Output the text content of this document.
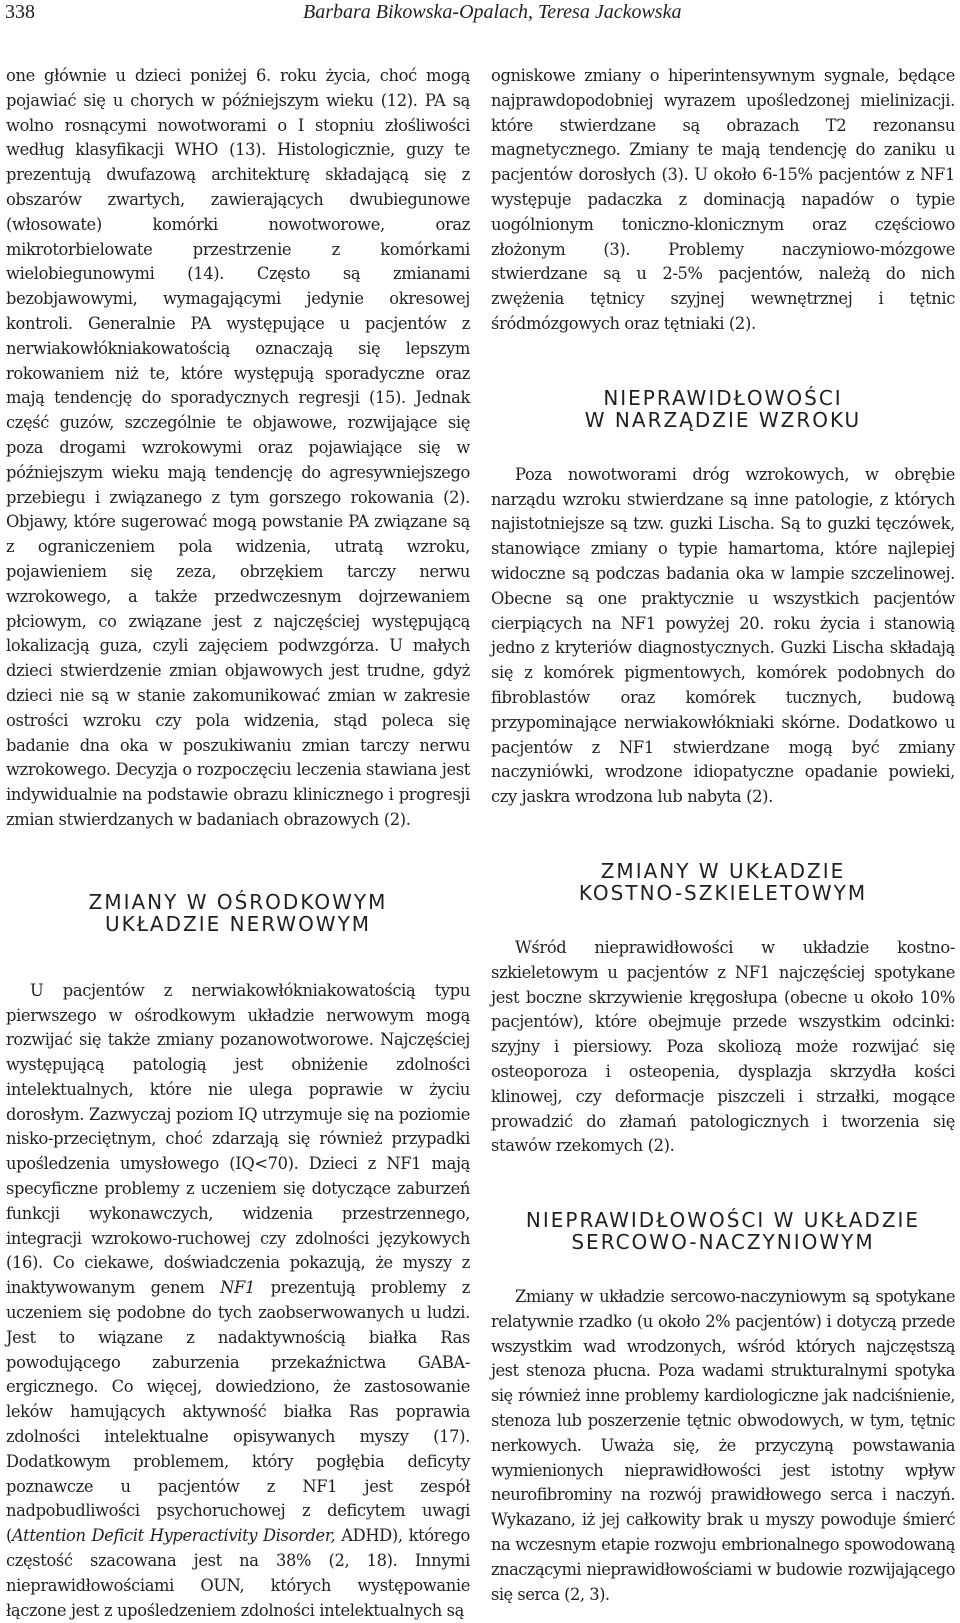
338	Barbara Bikowska-Opalach, Teresa Jackowska

one głównie u dzieci poniżej 6. roku życia, choć mogą pojawiać się u chorych w późniejszym wieku (12). PA są wolno rosnącymi nowotworami o I stopniu złośliwości według klasyfikacji WHO (13). Histologicznie, guzy te prezentują dwufazową architekturę składającą się z obszarów zwartych, zawierających dwubiegunowe (włosowate) komórki nowotworowe, oraz mikrotorbielowate przestrzenie z komórkami wielobiegunowymi (14). Często są zmianami bezobjawowymi, wymagającymi jedynie okresowej kontroli. Generalnie PA występujące u pacjentów z nerwiakowłókniakowatością oznaczają się lepszym rokowaniem niż te, które występują sporadyczne oraz mają tendencję do sporadycznych regresji (15). Jednak część guzów, szczególnie te objawowe, rozwijające się poza drogami wzrokowymi oraz pojawiające się w późniejszym wieku mają tendencję do agresywniejszego przebiegu i związanego z tym gorszego rokowania (2). Objawy, które sugerować mogą powstanie PA związane są z ograniczeniem pola widzenia, utratą wzroku, pojawieniem się zeza, obrzękiem tarczy nerwu wzrokowego, a także przedwczesnym dojrzewaniem płciowym, co związane jest z najczęściej występującą lokalizacją guza, czyli zajęciem podwzgórza. U małych dzieci stwierdzenie zmian objawowych jest trudne, gdyż dzieci nie są w stanie zakomunikować zmian w zakresie ostrości wzroku czy pola widzenia, stąd poleca się badanie dna oka w poszukiwaniu zmian tarczy nerwu wzrokowego. Decyzja o rozpoczęciu leczenia stawiana jest indywidualnie na podstawie obrazu klinicznego i progresji zmian stwierdzanych w badaniach obrazowych (2).

ZMIANY W OŚRODKOWYM
UKŁADZIE NERWOWYM

U pacjentów z nerwiakowłókniakowatością typu pierwszego w ośrodkowym układzie nerwowym mogą rozwijać się także zmiany pozanowotworowe. Najczęściej występującą patologią jest obniżenie zdolności intelektualnych, które nie ulega poprawie w życiu dorosłym. Zazwyczaj poziom IQ utrzymuje się na poziomie nisko-przeciętnym, choć zdarzają się również przypadki upośledzenia umysłowego (IQ<70). Dzieci z NF1 mają specyficzne problemy z uczeniem się dotyczące zaburzeń funkcji wykonawczych, widzenia przestrzennego, integracji wzrokowo-ruchowej czy zdolności językowych (16). Co ciekawe, doświadczenia pokazują, że myszy z inaktywowanym genem NF1 prezentują problemy z uczeniem się podobne do tych zaobserwowanych u ludzi. Jest to wiązane z nadaktywnością białka Ras powodującego zaburzenia przekaźnictwa GABA-ergicznego. Co więcej, dowiedziono, że zastosowanie leków hamujących aktywność białka Ras poprawia zdolności intelektualne opisywanych myszy (17). Dodatkowym problemem, który pogłębia deficyty poznawcze u pacjentów z NF1 jest zespół nadpobudliwości psychoruchowej z deficytem uwagi (Attention Deficit Hyperactivity Disorder, ADHD), którego częstość szacowana jest na 38% (2, 18). Innymi nieprawidłowościami OUN, których występowanie łączone jest z upośledzeniem zdolności intelektualnych są

ogniskowe zmiany o hiperintensywnym sygnale, będące najprawdopodobniej wyrazem upośledzonej mielinizacji. które stwierdzane są obrazach T2 rezonansu magnetycznego. Zmiany te mają tendencję do zaniku u pacjentów dorosłych (3). U około 6-15% pacjentów z NF1 występuje padaczka z dominacją napadów o typie uogólnionym toniczno-klonicznym oraz częściowo złożonym (3). Problemy naczyniowo-mózgowe stwierdzane są u 2-5% pacjentów, należą do nich zwężenia tętnicy szyjnej wewnętrznej i tętnic śródmózgowych oraz tętniaki (2).

NIEPRAWIDŁOWOŚCI
W NARZĄDZIE WZROKU

Poza nowotworami dróg wzrokowych, w obrębie narządu wzroku stwierdzane są inne patologie, z których najistotniejsze są tzw. guzki Lischa. Są to guzki tęczówek, stanowiące zmiany o typie hamartoma, które najlepiej widoczne są podczas badania oka w lampie szczelinowej. Obecne są one praktycznie u wszystkich pacjentów cierpiących na NF1 powyżej 20. roku życia i stanowią jedno z kryteriów diagnostycznych. Guzki Lischa składają się z komórek pigmentowych, komórek podobnych do fibroblastów oraz komórek tucznych, budową przypominające nerwiakowłókniaki skórne. Dodatkowo u pacjentów z NF1 stwierdzane mogą być zmiany naczyniówki, wrodzone idiopatyczne opadanie powieki, czy jaskra wrodzona lub nabyta (2).

ZMIANY W UKŁADZIE
KOSTNO-SZKIELETOWYM

Wśród nieprawidłowości w układzie kostno-szkieletowym u pacjentów z NF1 najczęściej spotykane jest boczne skrzywienie kręgosłupa (obecne u około 10% pacjentów), które obejmuje przede wszystkim odcinki: szyjny i piersiowy. Poza skoliozą może rozwijać się osteoporoza i osteopenia, dysplazja skrzydła kości klinowej, czy deformacje piszczeli i strzałki, mogące prowadzić do złamań patologicznych i tworzenia się stawów rzekomych (2).

NIEPRAWIDŁOWOŚCI W UKŁADZIE
SERCOWO-NACZYNIOWYM

Zmiany w układzie sercowo-naczyniowym są spotykane relatywnie rzadko (u około 2% pacjentów) i dotyczą przede wszystkim wad wrodzonych, wśród których najczęstszą jest stenoza płucna. Poza wadami strukturalnymi spotyka się również inne problemy kardiologiczne jak nadciśnienie, stenoza lub poszerzenie tętnic obwodowych, w tym, tętnic nerkowych. Uważa się, że przyczyną powstawania wymienionych nieprawidłowości jest istotny wpływ neurofibrominy na rozwój prawidłowego serca i naczyń. Wykazano, iż jej całkowity brak u myszy powoduje śmierć na wczesnym etapie rozwoju embrionalnego spowodowaną znaczącymi nieprawidłowościami w budowie rozwijającego się serca (2, 3).
